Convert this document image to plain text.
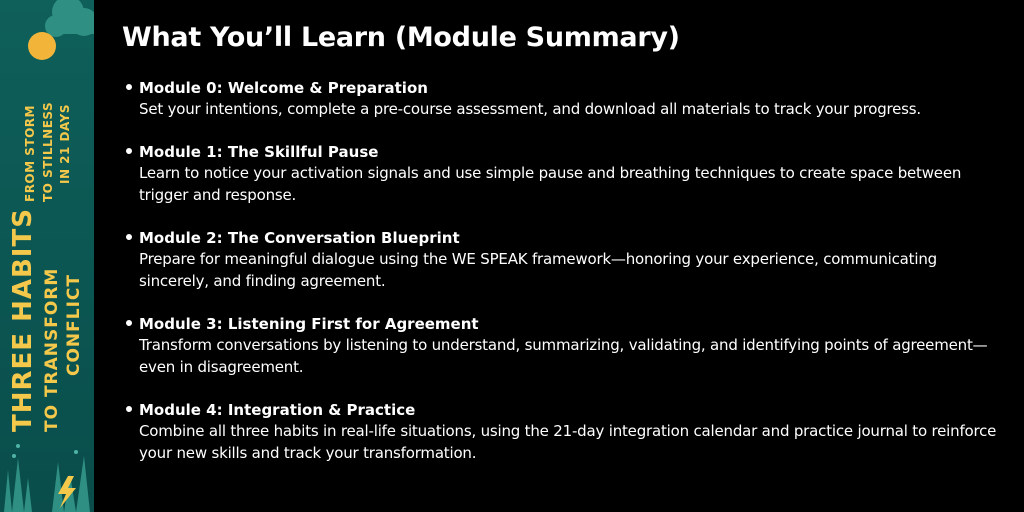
THREE HABITS TO TRANSFORM CONFLICT
FROM STORM TO STILLNESS IN 21 DAYS
What You’ll Learn (Module Summary)
Module 0: Welcome & Preparation
Set your intentions, complete a pre-course assessment, and download all materials to track your progress.
Module 1: The Skillful Pause
Learn to notice your activation signals and use simple pause and breathing techniques to create space between trigger and response.
Module 2: The Conversation Blueprint
Prepare for meaningful dialogue using the WE SPEAK framework—honoring your experience, communicating sincerely, and finding agreement.
Module 3: Listening First for Agreement
Transform conversations by listening to understand, summarizing, validating, and identifying points of agreement—even in disagreement.
Module 4: Integration & Practice
Combine all three habits in real-life situations, using the 21-day integration calendar and practice journal to reinforce your new skills and track your transformation.
